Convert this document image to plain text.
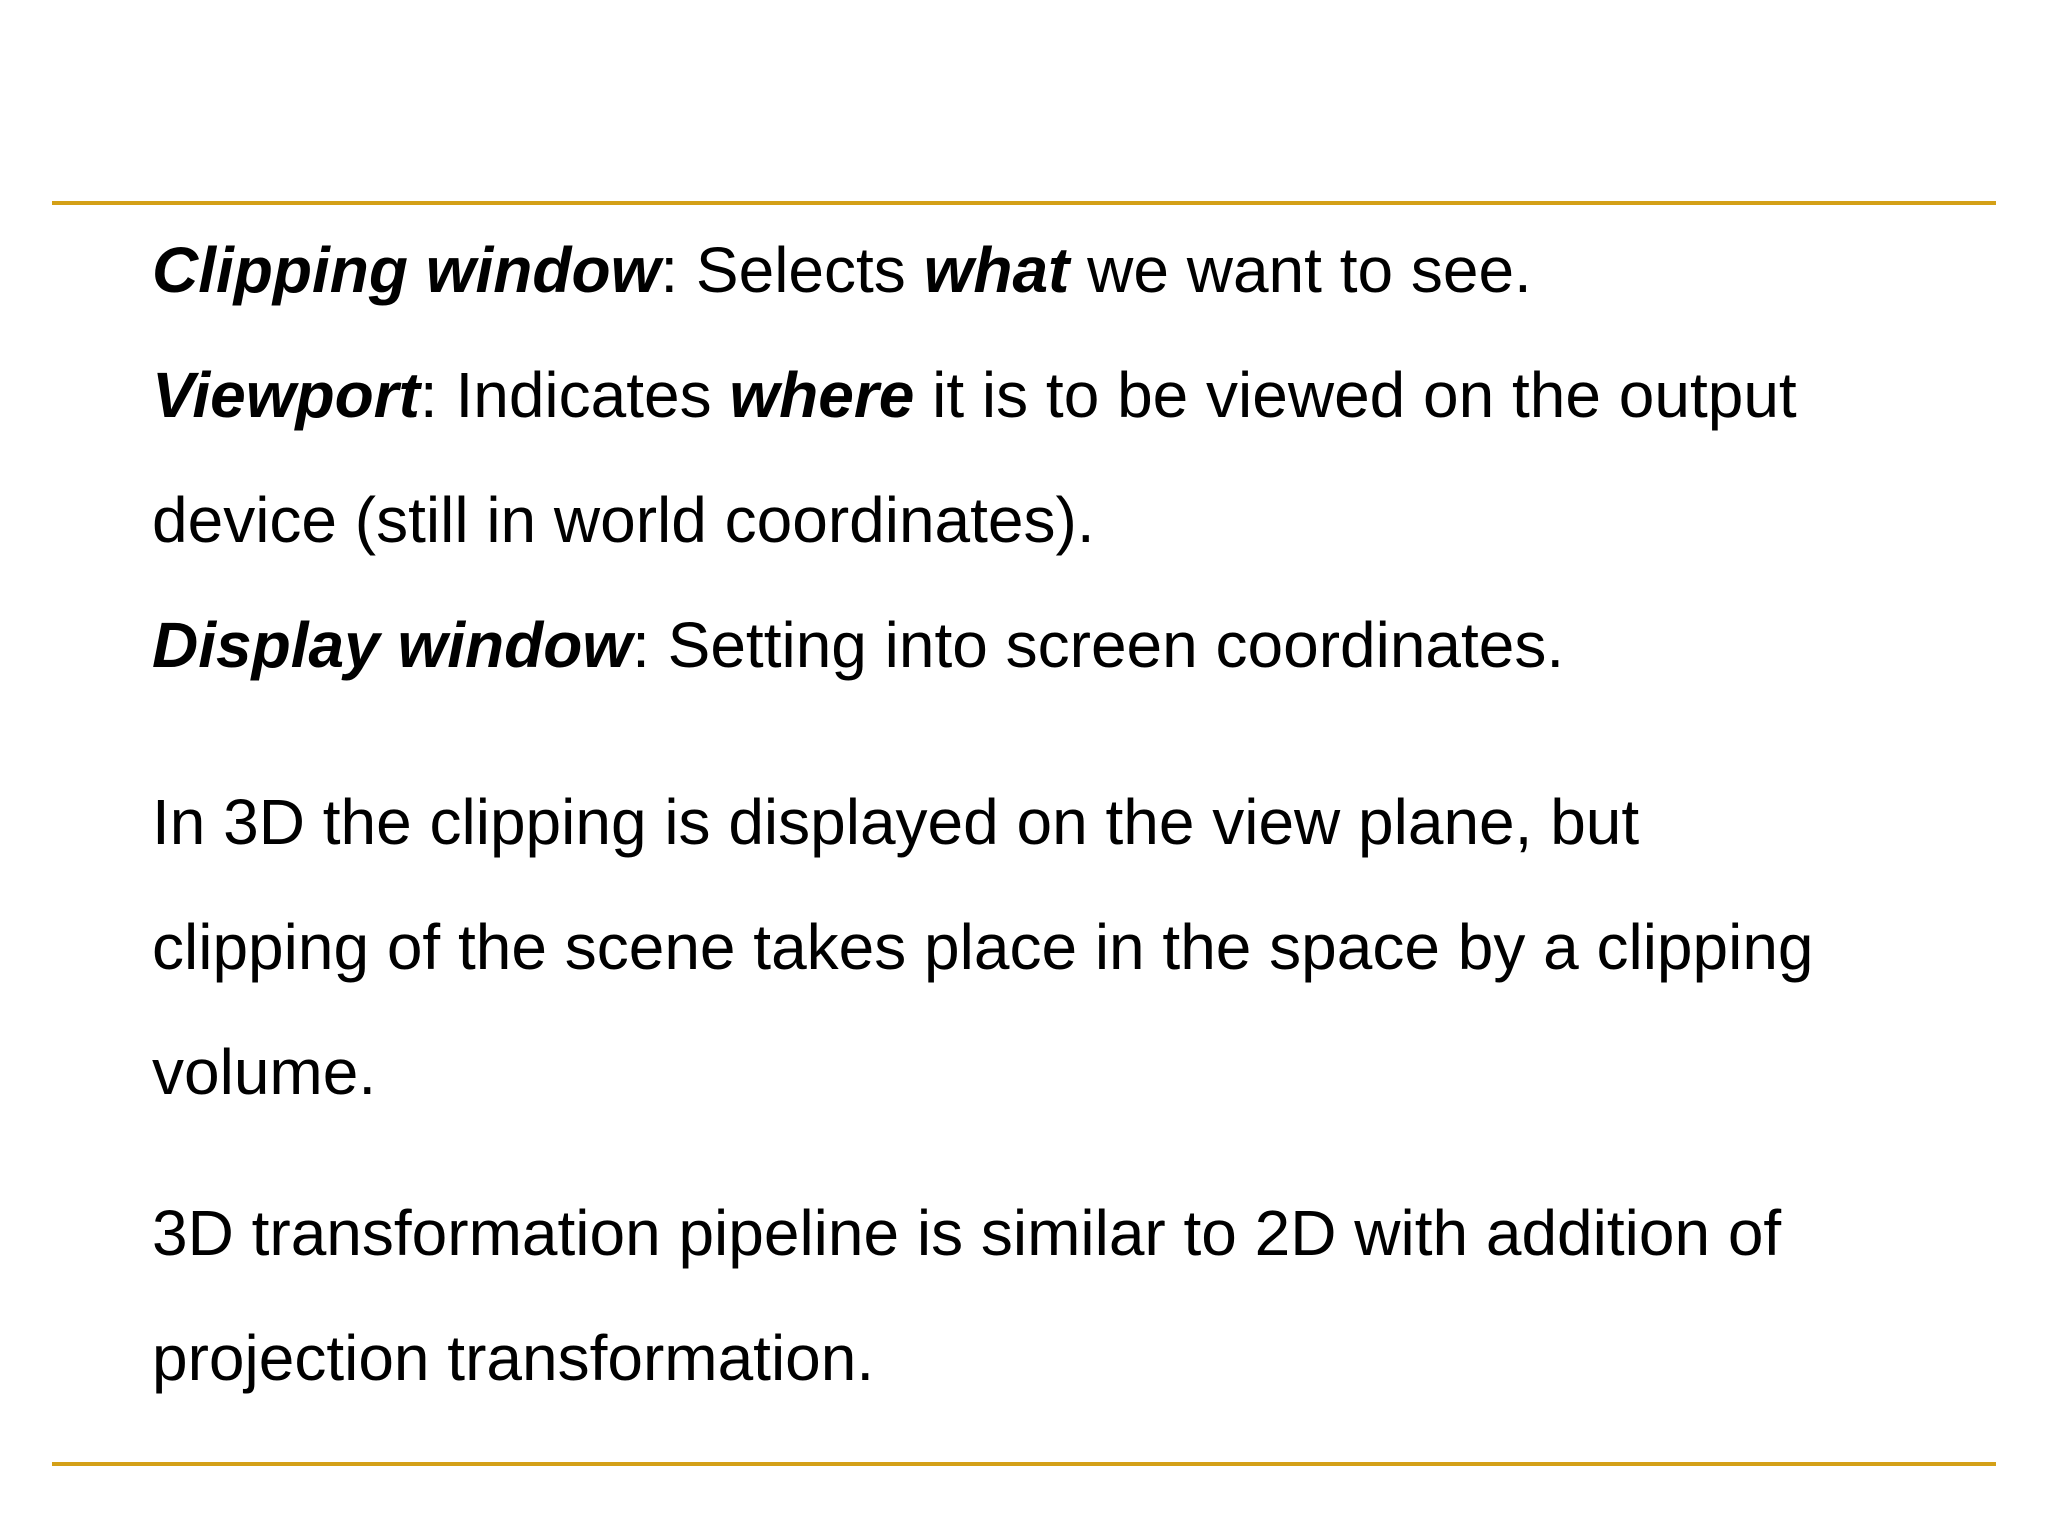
Clipping window: Selects what we want to see.
Viewport: Indicates where it is to be viewed on the output
device (still in world coordinates).
Display window: Setting into screen coordinates.
In 3D the clipping is displayed on the view plane, but
clipping of the scene takes place in the space by a clipping
volume.
3D transformation pipeline is similar to 2D with addition of
projection transformation.
